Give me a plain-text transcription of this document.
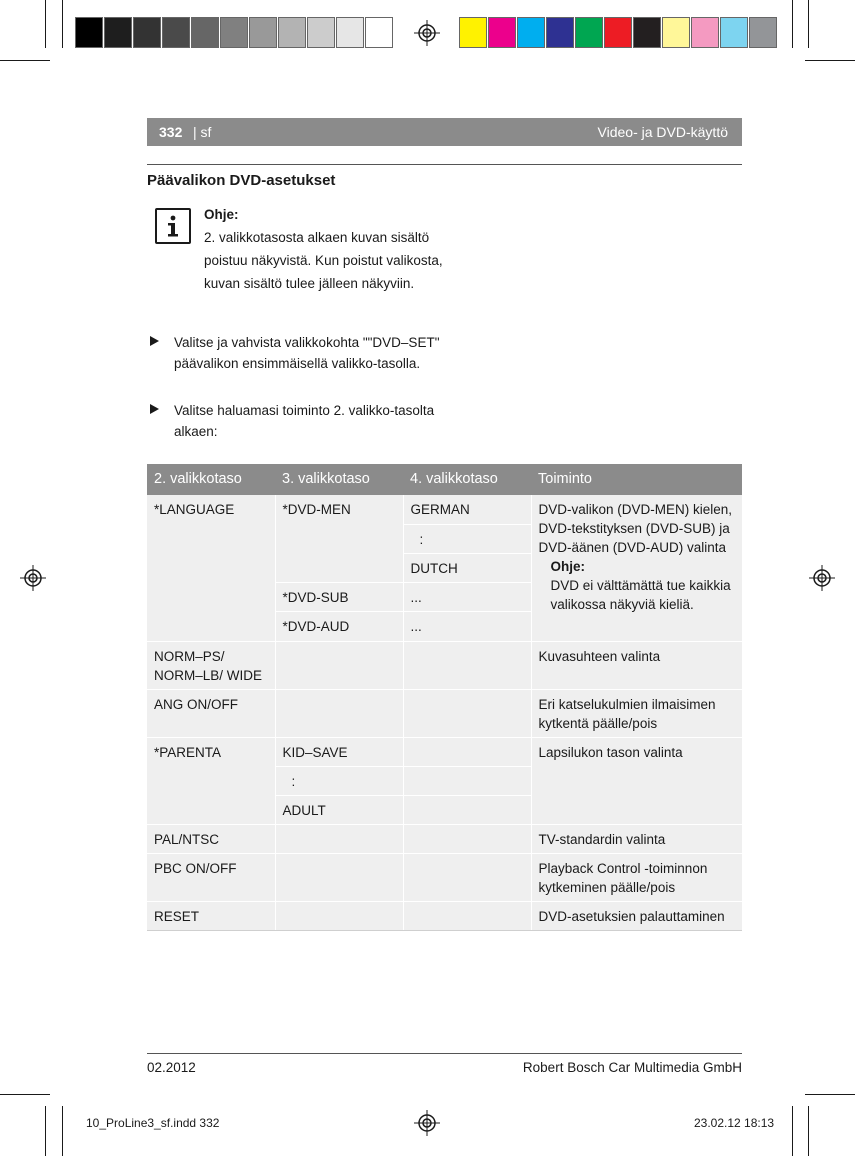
332 | sf	Video- ja DVD-käyttö
Päävalikon DVD-asetukset
Ohje:
2. valikkotasosta alkaen kuvan sisältö poistuu näkyvistä. Kun poistut valikosta, kuvan sisältö tulee jälleen näkyviin.
Valitse ja vahvista valikkokohta ""DVD–SET" päävalikon ensimmäisellä valikko-tasolla.
Valitse haluamasi toiminto 2. valikko-tasolta alkaen:
2. valikkotaso	3. valikkotaso	4. valikkotaso	Toiminto
*LANGUAGE	*DVD-MEN	GERMAN	DVD-valikon (DVD-MEN) kielen, DVD-tekstityksen (DVD-SUB) ja DVD-äänen (DVD-AUD) valinta
Ohje:
DVD ei välttämättä tue kaikkia valikossa näkyviä kieliä.

		:	
		DUTCH	
	*DVD-SUB	...	
	*DVD-AUD	...	
NORM–PS/ NORM–LB/ WIDE			Kuvasuhteen valinta
ANG ON/OFF			Eri katselukulmien ilmaisimen kytkentä päälle/pois
*PARENTA	KID–SAVE		Lapsilukon tason valinta
	:		
	ADULT		
PAL/NTSC			TV-standardin valinta
PBC ON/OFF			Playback Control -toiminnon kytkeminen päälle/pois
RESET			DVD-asetuksien palauttaminen
02.2012	Robert Bosch Car Multimedia GmbH
10_ProLine3_sf.indd 332	23.02.12 18:13
